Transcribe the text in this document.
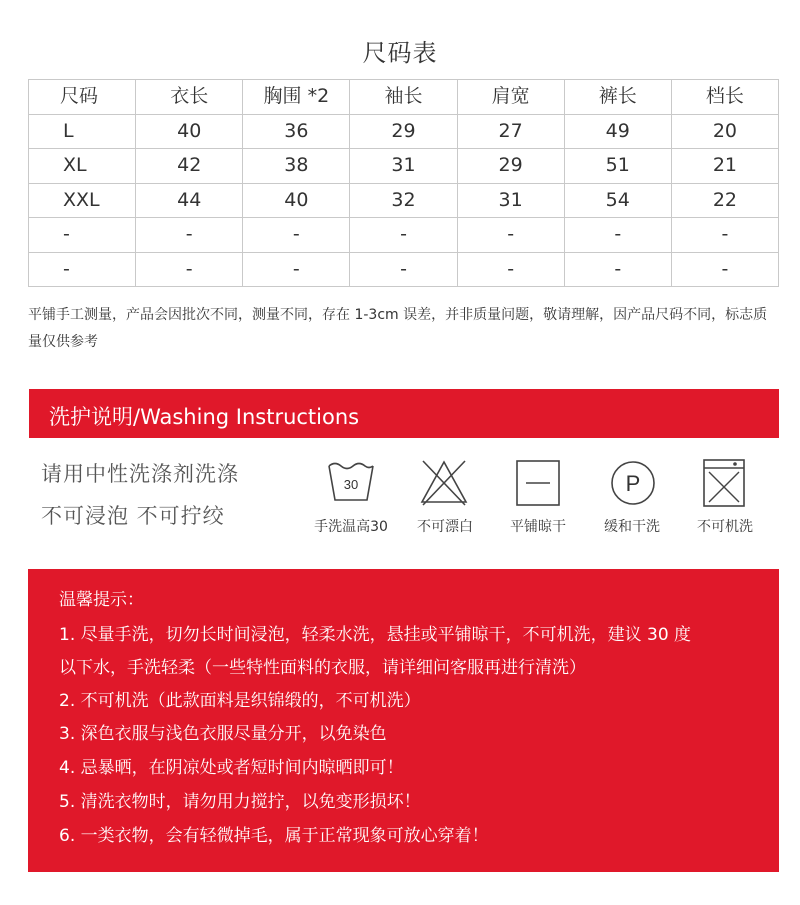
尺码表
尺码	衣长	胸围 *2	袖长	肩宽	裤长	档长
L	40	36	29	27	49	20
XL	42	38	31	29	51	21
XXL	44	40	32	31	54	22
-	-	-	-	-	-	-
-	-	-	-	-	-	-
平铺手工测量，产品会因批次不同，测量不同，存在 1-3cm 误差，并非质量问题，敬请理解，因产品尺码不同，标志质量仅供参考
洗护说明/Washing Instructions
请用中性洗涤剂洗涤
不可浸泡 不可拧绞
30
手洗温高30	不可漂白	平铺晾干
P
缓和干洗	不可机洗
温馨提示：
1. 尽量手洗，切勿长时间浸泡，轻柔水洗，悬挂或平铺晾干，不可机洗，建议 30 度
以下水，手洗轻柔（一些特性面料的衣服，请详细问客服再进行清洗）
2. 不可机洗（此款面料是织锦缎的，不可机洗）
3. 深色衣服与浅色衣服尽量分开，以免染色
4. 忌暴晒，在阴凉处或者短时间内晾晒即可！
5. 清洗衣物时，请勿用力搅拧，以免变形损坏！
6. 一类衣物，会有轻微掉毛，属于正常现象可放心穿着！
